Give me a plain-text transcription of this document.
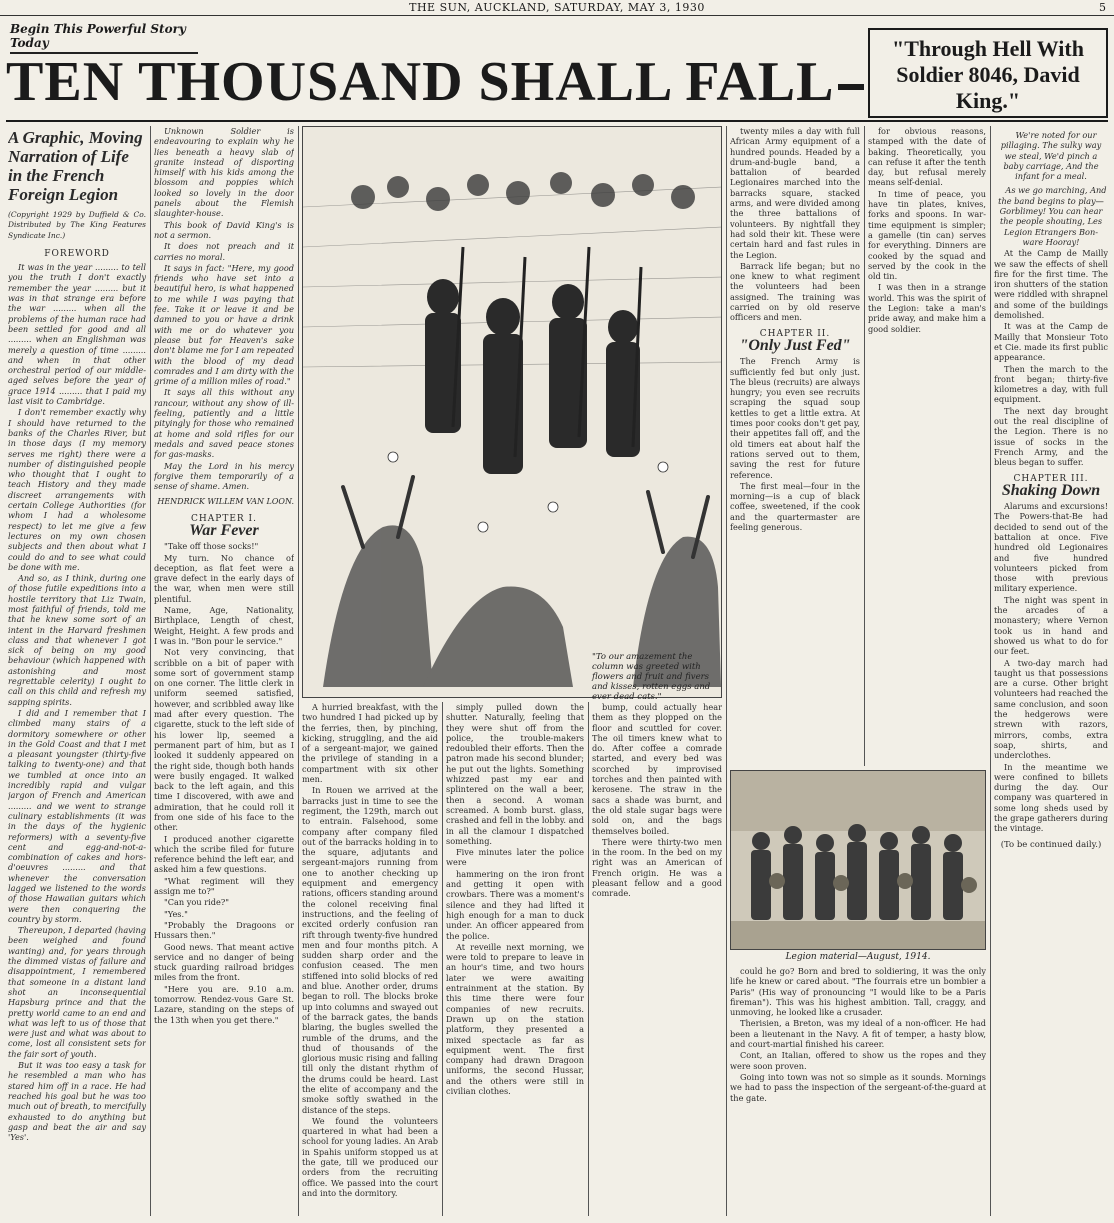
THE SUN, AUCKLAND, SATURDAY, MAY 3, 1930	5
Begin This Powerful Story Today
TEN THOUSAND SHALL FALL
"Through Hell With Soldier 8046, David King."
A Graphic, Moving Narration of Life in the French Foreign Legion
(Copyright 1929 by Duffield & Co. Distributed by The King Features Syndicate Inc.)
FOREWORD

It was in the year ......... to tell you the truth I don't exactly remember the year ......... but it was in that strange era before the war ......... when all the problems of the human race had been settled for good and all ......... when an Englishman was merely a question of time ......... and when in that other orchestral period of our middle-aged selves before the year of grace 1914 ......... that I paid my last visit to Cambridge.

I don't remember exactly why I should have returned to the banks of the Charles River, but in those days (I my memory serves me right) there were a number of distinguished people who thought that I ought to teach History and they made discreet arrangements with certain College Authorities (for whom I had a wholesome respect) to let me give a few lectures on my own chosen subjects and then about what I could do and to see what could be done with me.

And so, as I think, during one of those futile expeditions into a hostile territory that Liz Twain, most faithful of friends, told me that he knew some sort of an intent in the Harvard freshmen class and that whenever I got sick of being on my good behaviour (which happened with astonishing and most regrettable celerity) I ought to call on this child and refresh my sapping spirits.

I did and I remember that I climbed many stairs of a dormitory somewhere or other in the Gold Coast and that I met a pleasant youngster (thirty-five talking to twenty-one) and that we tumbled at once into an incredibly rapid and vulgar jargon of French and American ......... and we went to strange culinary establishments (it was in the days of the hygienic reformers) with a seventy-five cent and egg-and-not-a-combination of cakes and hors-d'oeuvres ......... and that whenever the conversation lagged we listened to the words of those Hawaiian guitars which were then conquering the country by storm.

Thereupon, I departed (having been weighed and found wanting) and, for years through the dimmed vistas of failure and disappointment, I remembered that someone in a distant land shot an inconsequential Hapsburg prince and that the pretty world came to an end and what was left to us of those that were just and what was about to come, lost all consistent sets for the fair sort of youth.

But it was too easy a task for he resembled a man who has stared him off in a race. He had reached his goal but he was too much out of breath, to mercifully exhausted to do anything but gasp and beat the air and say 'Yes'.

Unknown Soldier is endeavouring to explain why he lies beneath a heavy slab of granite instead of disporting himself with his kids among the blossom and poppies which looked so lovely in the door panels about the Flemish slaughter-house.

This book of David King's is not a sermon.

It does not preach and it carries no moral.

It says in fact: "Here, my good friends who have set into a beautiful hero, is what happened to me while I was paying that fee. Take it or leave it and be damned to you or have a drink with me or do whatever you please but for Heaven's sake don't blame me for I am repeated with the blood of my dead comrades and I am dirty with the grime of a million miles of road."

It says all this without any rancour, without any show of ill-feeling, patiently and a little pityingly for those who remained at home and sold rifles for our medals and saved peace stones for gas-masks.

May the Lord in his mercy forgive them temporarily of a sense of shame. Amen.

HENDRICK WILLEM VAN LOON.
CHAPTER I.
War Fever

"Take off those socks!"

My turn. No chance of deception, as flat feet were a grave defect in the early days of the war, when men were still plentiful.

Name, Age, Nationality, Birthplace, Length of chest, Weight, Height. A few prods and I was in. "Bon pour le service."

Not very convincing, that scribble on a bit of paper with some sort of government stamp on one corner. The little clerk in uniform seemed satisfied, however, and scribbled away like mad after every question. The cigarette, stuck to the left side of his lower lip, seemed a permanent part of him, but as I looked it suddenly appeared on the right side, though both hands were busily engaged. It walked back to the left again, and this time I discovered, with awe and admiration, that he could roll it from one side of his face to the other.

I produced another cigarette which the scribe filed for future reference behind the left ear, and asked him a few questions.

"What regiment will they assign me to?"

"Can you ride?"

"Yes."

"Probably the Dragoons or Hussars then."

Good news. That meant active service and no danger of being stuck guarding railroad bridges miles from the front.

"Here you are. 9.10 a.m. tomorrow. Rendez-vous Gare St. Lazare, standing on the steps of the 13th when you get there."

A hurried breakfast, with the two hundred I had picked up by the ferries, then, by pinching, kicking, struggling, and the aid of a sergeant-major, we gained the privilege of standing in a compartment with six other men.

In Rouen we arrived at the barracks just in time to see the regiment, the 129th, march out to entrain. Falsehood, some company after company filed out of the barracks holding in to the square, adjutants and sergeant-majors running from one to another checking up equipment and emergency rations, officers standing around the colonel receiving final instructions, and the feeling of excited orderly confusion ran rift through twenty-five hundred men and four months pitch. A sudden sharp order and the confusion ceased. The men stiffened into solid blocks of red and blue. Another order, drums began to roll. The blocks broke up into columns and swayed out of the barrack gates, the bands blaring, the bugles swelled the rumble of the drums, and the thud of thousands of the glorious music rising and falling till only the distant rhythm of the drums could be heard. Last the elite of accompany and the smoke softly swathed in the distance of the steps.

We found the volunteers quartered in what had been a school for young ladies. An Arab in Spahis uniform stopped us at the gate, till we produced our orders from the recruiting office. We passed into the court and into the dormitory.

"To our amazement the column was greeted with flowers and fruit and fivers and kisses, rotten eggs and ever dead cats."

simply pulled down the shutter. Naturally, feeling that they were shut off from the police, the trouble-makers redoubled their efforts. Then the patron made his second blunder; he put out the lights. Something whizzed past my ear and splintered on the wall a beer, then a second. A woman screamed. A bomb burst. glass, crashed and fell in the lobby. and in all the clamour I dispatched something.

Five minutes later the police were

hammering on the iron front and getting it open with crowbars. There was a moment's silence and they had lifted it high enough for a man to duck under. An officer appeared from the police.

At reveille next morning, we were told to prepare to leave in an hour's time, and two hours later we were awaiting entrainment at the station. By this time there were four companies of new recruits. Drawn up on the station platform, they presented a mixed spectacle as far as equipment went. The first company had drawn Dragoon uniforms, the second Hussar, and the others were still in civilian clothes.

bump, could actually hear them as they plopped on the floor and scuttled for cover. The oil timers knew what to do. After coffee a comrade started, and every bed was scorched by improvised torches and then painted with kerosene. The straw in the sacs a shade was burnt, and the old stale sugar bags were sold on, and the bags themselves boiled.

There were thirty-two men in the room. In the bed on my right was an American of French origin. He was a pleasant fellow and a good comrade.

twenty miles a day with full African Army equipment of a hundred pounds. Headed by a drum-and-bugle band, a battalion of bearded Legionaires marched into the barracks square, stacked arms, and were divided among the three battalions of volunteers. By nightfall they had sold their kit. These were certain hard and fast rules in the Legion.

Barrack life began; but no one knew to what regiment the volunteers had been assigned. The training was carried on by old reserve officers and men.

CHAPTER II.
"Only Just Fed"

The French Army is sufficiently fed but only just. The bleus (recruits) are always hungry; you even see recruits scraping the squad soup kettles to get a little extra. At times poor cooks don't get pay, their appetites fall off, and the old timers eat about half the rations served out to them, saving the rest for future reference.

The first meal—four in the morning—is a cup of black coffee, sweetened, if the cook and the quartermaster are feeling generous.

Legion material—August, 1914.

for obvious reasons, stamped with the date of baking. Theoretically, you can refuse it after the tenth day, but refusal merely means self-denial.

In time of peace, you have tin plates, knives, forks and spoons. In war-time equipment is simpler; a gamelle (tin can) serves for everything. Dinners are cooked by the squad and served by the cook in the old tin.

I was then in a strange world. This was the spirit of the Legion: take a man's pride away, and make him a good soldier.

could he go? Born and bred to soldiering, it was the only life he knew or cared about. "The fourrais etre un bombier a Paris" (His way of pronouncing "I would like to be a Paris fireman"). This was his highest ambition. Tall, craggy, and unmoving, he looked like a crusader.

Therisien, a Breton, was my ideal of a non-officer. He had been a lieutenant in the Navy. A fit of temper, a hasty blow, and court-martial finished his career.

Cont, an Italian, offered to show us the ropes and they were soon proven.

Going into town was not so simple as it sounds. Mornings we had to pass the inspection of the sergeant-of-the-guard at the gate.

We're noted for our pillaging. The sulky way we steal, We'd pinch a baby carriage, And the infant for a meal.

As we go marching, And the band begins to play— Gorblimey! You can hear the people shouting, Les Legion Etrangers Bon-ware Hooray!

At the Camp de Mailly we saw the effects of shell fire for the first time. The iron shutters of the station were riddled with shrapnel and some of the buildings demolished.

It was at the Camp de Mailly that Monsieur Toto et Cie. made its first public appearance.

Then the march to the front began; thirty-five kilometres a day, with full equipment.

The next day brought out the real discipline of the Legion. There is no issue of socks in the French Army, and the bleus began to suffer.

CHAPTER III.
Shaking Down

Alarums and excursions! The Powers-that-Be had decided to send out of the battalion at once. Five hundred old Legionaires and five hundred volunteers picked from those with previous military experience.

The night was spent in the arcades of a monastery; where Vernon took us in hand and showed us what to do for our feet.

A two-day march had taught us that possessions are a curse. Other bright volunteers had reached the same conclusion, and soon the hedgerows were strewn with razors, mirrors, combs, extra soap, shirts, and underclothes.

In the meantime we were confined to billets during the day. Our company was quartered in some long sheds used by the grape gatherers during the vintage.

(To be continued daily.)
